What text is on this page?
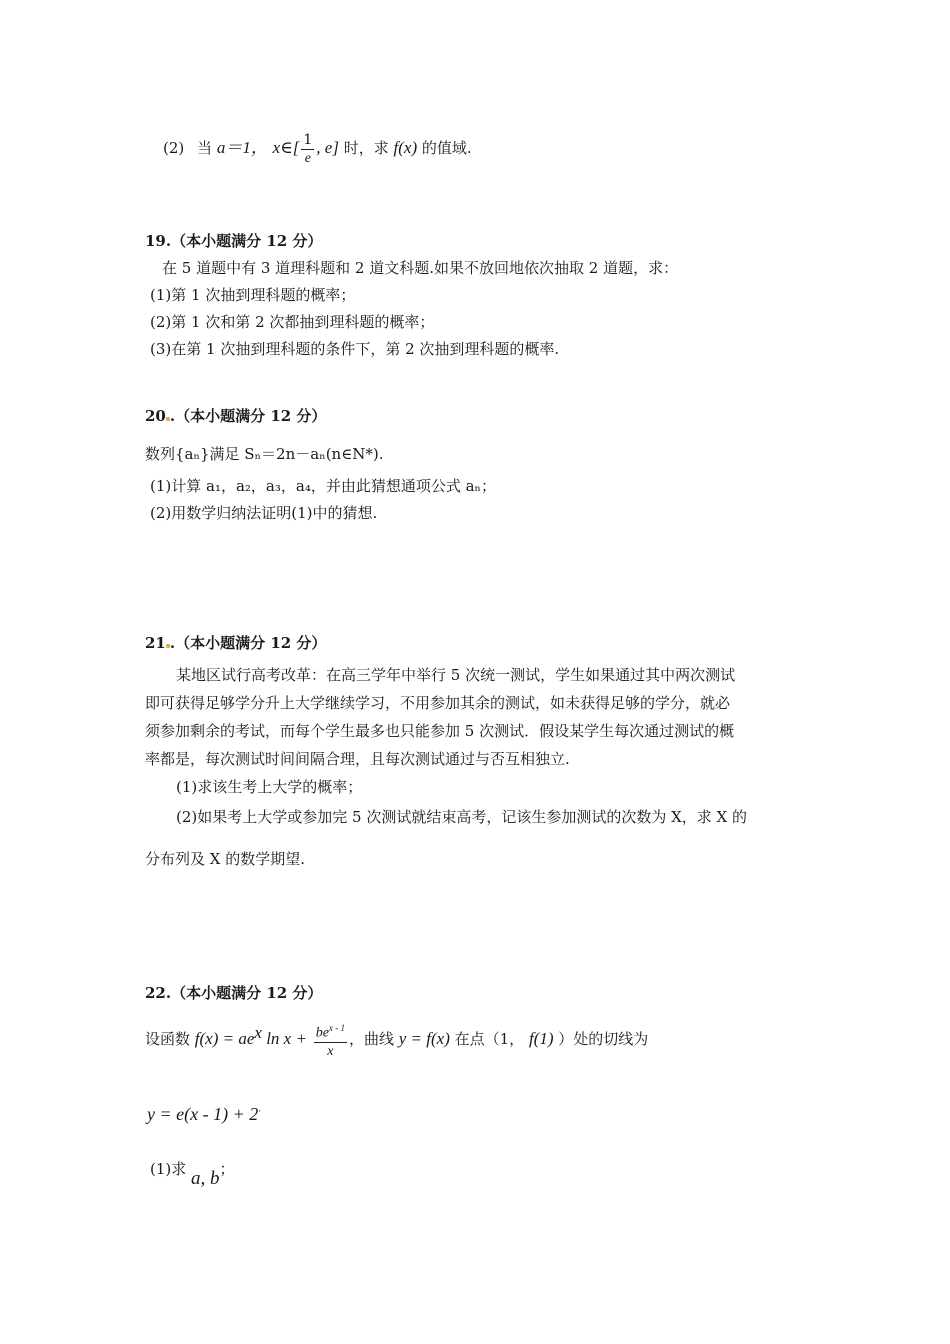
(2) 当 a＝1， x∈[ $\frac{1}{e}$ , e] 时，求 f(x) 的值域.
19.（本小题满分 12 分）
在 5 道题中有 3 道理科题和 2 道文科题.如果不放回地依次抽取 2 道题，求：
(1)第 1 次抽到理科题的概率；
(2)第 1 次和第 2 次都抽到理科题的概率；
(3)在第 1 次抽到理科题的条件下，第 2 次抽到理科题的概率.
20 .（本小题满分 12 分）
数列{aₙ}满足 Sₙ＝2n－aₙ(n∈N*).
(1)计算 a₁，a₂，a₃，a₄，并由此猜想通项公式 aₙ；
(2)用数学归纳法证明(1)中的猜想.
21 .（本小题满分 12 分）
某地区试行高考改革：在高三学年中举行 5 次统一测试，学生如果通过其中两次测试
即可获得足够学分升上大学继续学习，不用参加其余的测试，如未获得足够的学分，就必
须参加剩余的考试，而每个学生最多也只能参加 5 次测试．假设某学生每次通过测试的概
率都是，每次测试时间间隔合理，且每次测试通过与否互相独立.
(1)求该生考上大学的概率；
(2)如果考上大学或参加完 5 次测试就结束高考，记该生参加测试的次数为 X，求 X 的
分布列及 X 的数学期望.
22.（本小题满分 12 分）
设函数 $f(x) = ae^x$ $\ln x + \frac{be^{x - 1}}{x}$ ，曲线 y = f(x) 在点（1， f(1) ）处的切线为
y = e(x - 1) + 2·
(1)求 a, b；
